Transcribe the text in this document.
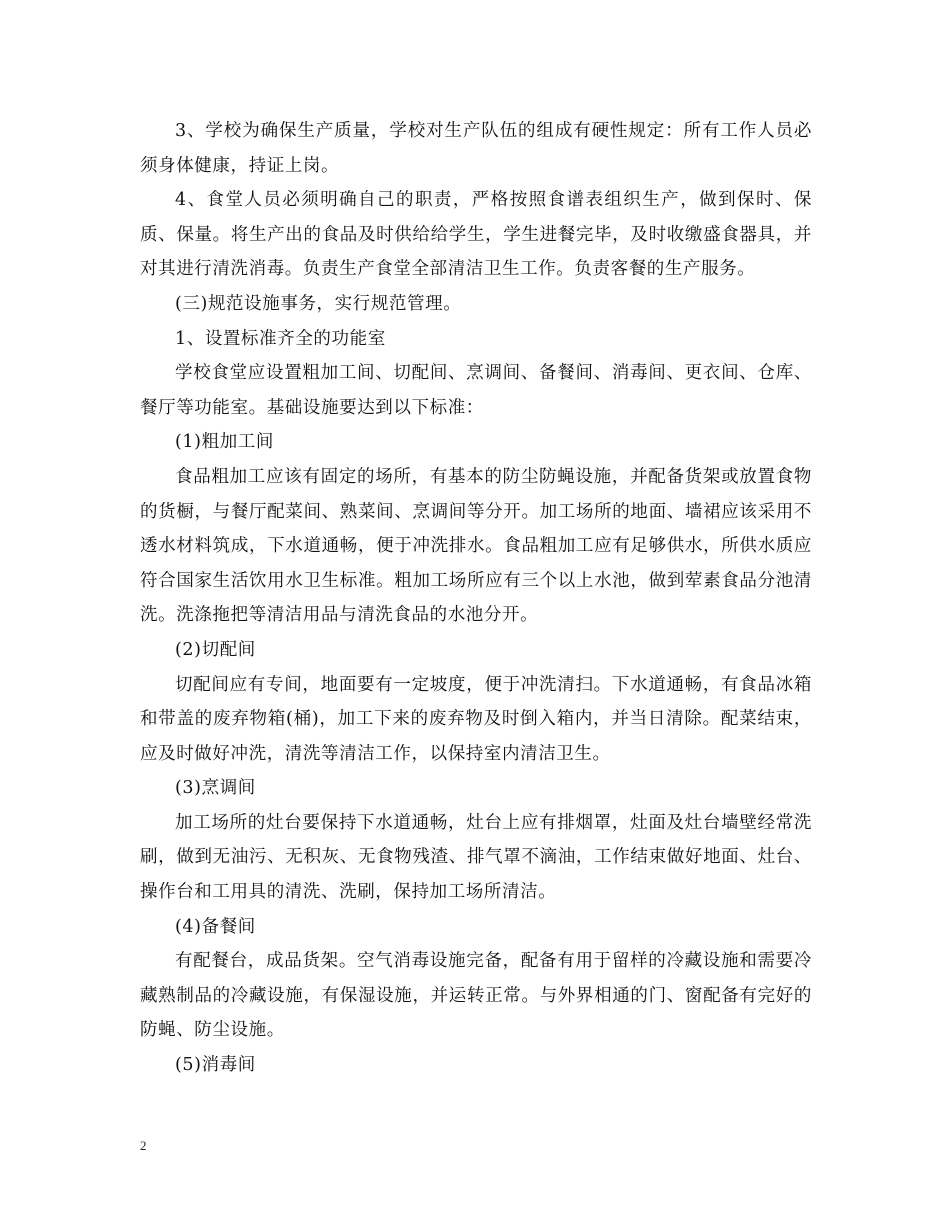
3、学校为确保生产质量，学校对生产队伍的组成有硬性规定：所有工作人员必须身体健康，持证上岗。

4、食堂人员必须明确自己的职责，严格按照食谱表组织生产，做到保时、保质、保量。将生产出的食品及时供给给学生，学生进餐完毕，及时收缴盛食器具，并对其进行清洗消毒。负责生产食堂全部清洁卫生工作。负责客餐的生产服务。

(三)规范设施事务，实行规范管理。

1、设置标准齐全的功能室

学校食堂应设置粗加工间、切配间、烹调间、备餐间、消毒间、更衣间、仓库、餐厅等功能室。基础设施要达到以下标准：

(1)粗加工间

食品粗加工应该有固定的场所，有基本的防尘防蝇设施，并配备货架或放置食物的货橱，与餐厅配菜间、熟菜间、烹调间等分开。加工场所的地面、墙裙应该采用不透水材料筑成，下水道通畅，便于冲洗排水。食品粗加工应有足够供水，所供水质应符合国家生活饮用水卫生标准。粗加工场所应有三个以上水池，做到荤素食品分池清洗。洗涤拖把等清洁用品与清洗食品的水池分开。

(2)切配间

切配间应有专间，地面要有一定坡度，便于冲洗清扫。下水道通畅，有食品冰箱和带盖的废弃物箱(桶)，加工下来的废弃物及时倒入箱内，并当日清除。配菜结束，应及时做好冲洗，清洗等清洁工作，以保持室内清洁卫生。

(3)烹调间

加工场所的灶台要保持下水道通畅，灶台上应有排烟罩，灶面及灶台墙壁经常洗刷，做到无油污、无积灰、无食物残渣、排气罩不滴油，工作结束做好地面、灶台、操作台和工用具的清洗、洗刷，保持加工场所清洁。

(4)备餐间

有配餐台，成品货架。空气消毒设施完备，配备有用于留样的冷藏设施和需要冷藏熟制品的冷藏设施，有保湿设施，并运转正常。与外界相通的门、窗配备有完好的防蝇、防尘设施。

(5)消毒间

2
